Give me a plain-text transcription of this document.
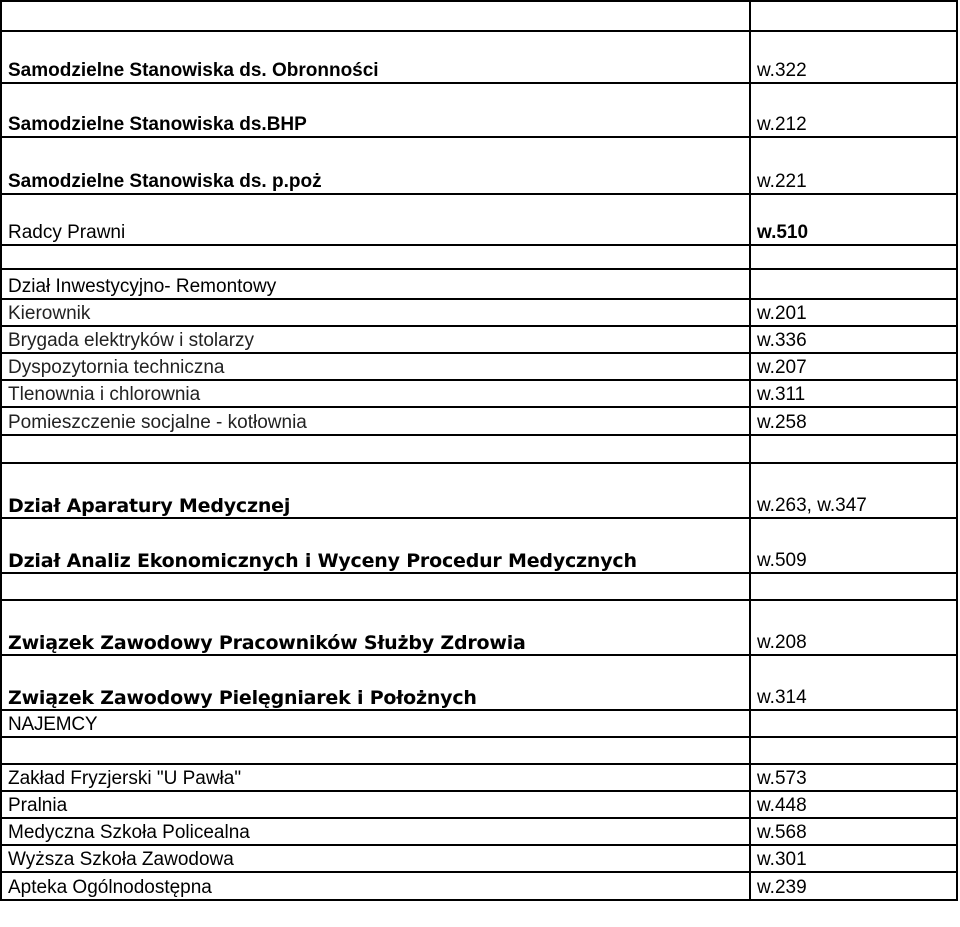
Samodzielne Stanowiska ds. Obronności	w.322
Samodzielne Stanowiska ds.BHP	w.212
Samodzielne Stanowiska ds. p.poż	w.221
Radcy Prawni	w.510

Dział Inwestycyjno- Remontowy	
Kierownik	w.201
Brygada elektryków i stolarzy	w.336
Dyspozytornia techniczna	w.207
Tlenownia i chlorownia	w.311
Pomieszczenie socjalne - kotłownia	w.258

Dział Aparatury Medycznej	w.263, w.347
Dział Analiz Ekonomicznych i Wyceny Procedur Medycznych	w.509

Związek Zawodowy Pracowników Służby Zdrowia	w.208
Związek Zawodowy Pielęgniarek i Położnych	w.314
NAJEMCY	

Zakład Fryzjerski "U Pawła"	w.573
Pralnia	w.448
Medyczna Szkoła Policealna	w.568
Wyższa Szkoła Zawodowa	w.301
Apteka Ogólnodostępna	w.239
